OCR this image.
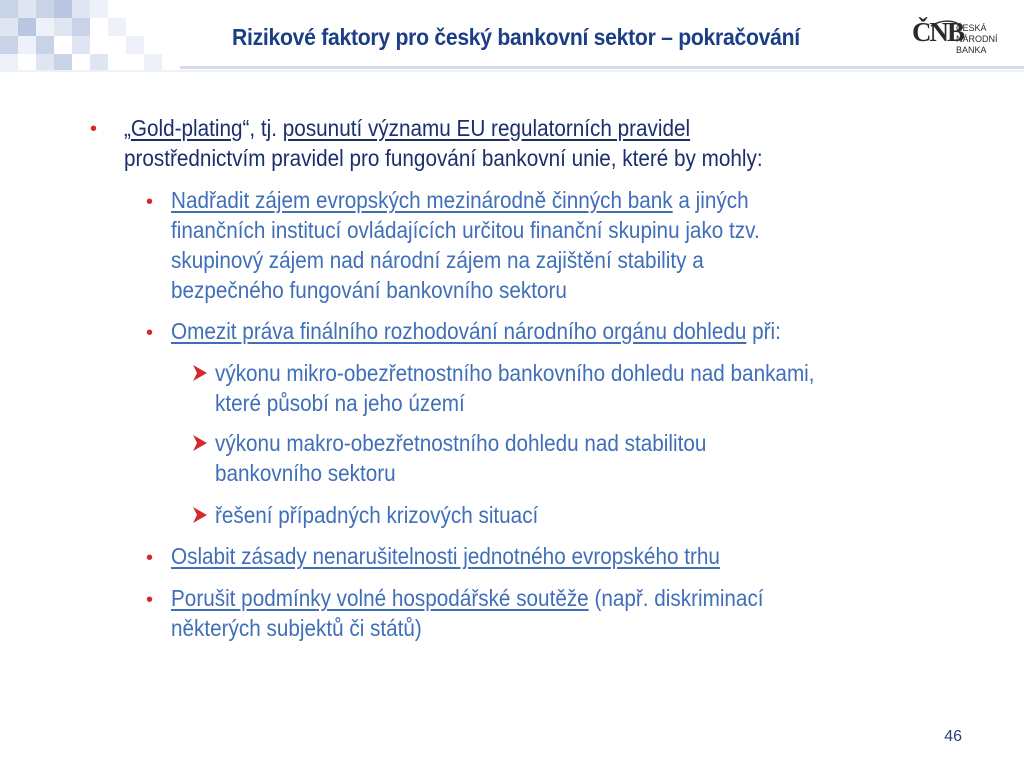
Rizikové faktory pro český bankovní sektor – pokračování	ČNB
ČESKÁ
NÁRODNÍ BANKA
• „Gold-plating“, tj. posunutí významu EU regulatorních pravidel
prostřednictvím pravidel pro fungování bankovní unie, které by mohly:
• Nadřadit zájem evropských mezinárodně činných bank a jiných
finančních institucí ovládajících určitou finanční skupinu jako tzv.
skupinový zájem nad národní zájem na zajištění stability a
bezpečného fungování bankovního sektoru
• Omezit práva finálního rozhodování národního orgánu dohledu při:
výkonu mikro-obezřetnostního bankovního dohledu nad bankami,
které působí na jeho území
výkonu makro-obezřetnostního dohledu nad stabilitou
bankovního sektoru
řešení případných krizových situací
• Oslabit zásady nenarušitelnosti jednotného evropského trhu
• Porušit podmínky volné hospodářské soutěže (např. diskriminací
některých subjektů či států)
46
